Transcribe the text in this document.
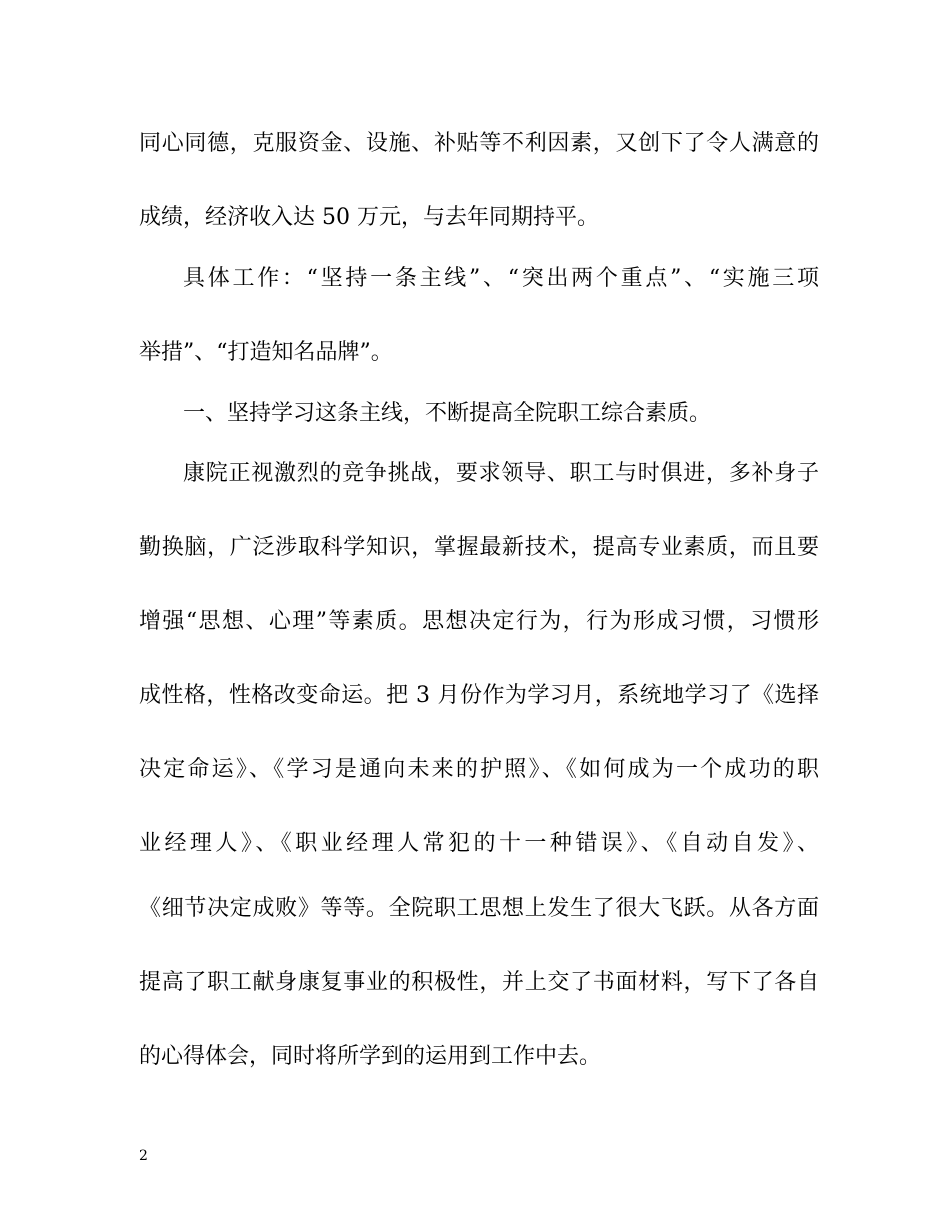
同心同德，克服资金、设施、补贴等不利因素，又创下了令人满意的
成绩，经济收入达 50 万元，与去年同期持平。
具体工作：“坚持一条主线”、“突出两个重点”、“实施三项
举措”、“打造知名品牌”。
一、坚持学习这条主线，不断提高全院职工综合素质。
康院正视激烈的竞争挑战，要求领导、职工与时俱进，多补身子
勤换脑，广泛涉取科学知识，掌握最新技术，提高专业素质，而且要
增强“思想、心理”等素质。思想决定行为，行为形成习惯，习惯形
成性格，性格改变命运。把 3 月份作为学习月，系统地学习了《选择
决定命运》、《学习是通向未来的护照》、《如何成为一个成功的职
业经理人》、《职业经理人常犯的十一种错误》、《自动自发》、
《细节决定成败》等等。全院职工思想上发生了很大飞跃。从各方面
提高了职工献身康复事业的积极性，并上交了书面材料，写下了各自
的心得体会，同时将所学到的运用到工作中去。
2
